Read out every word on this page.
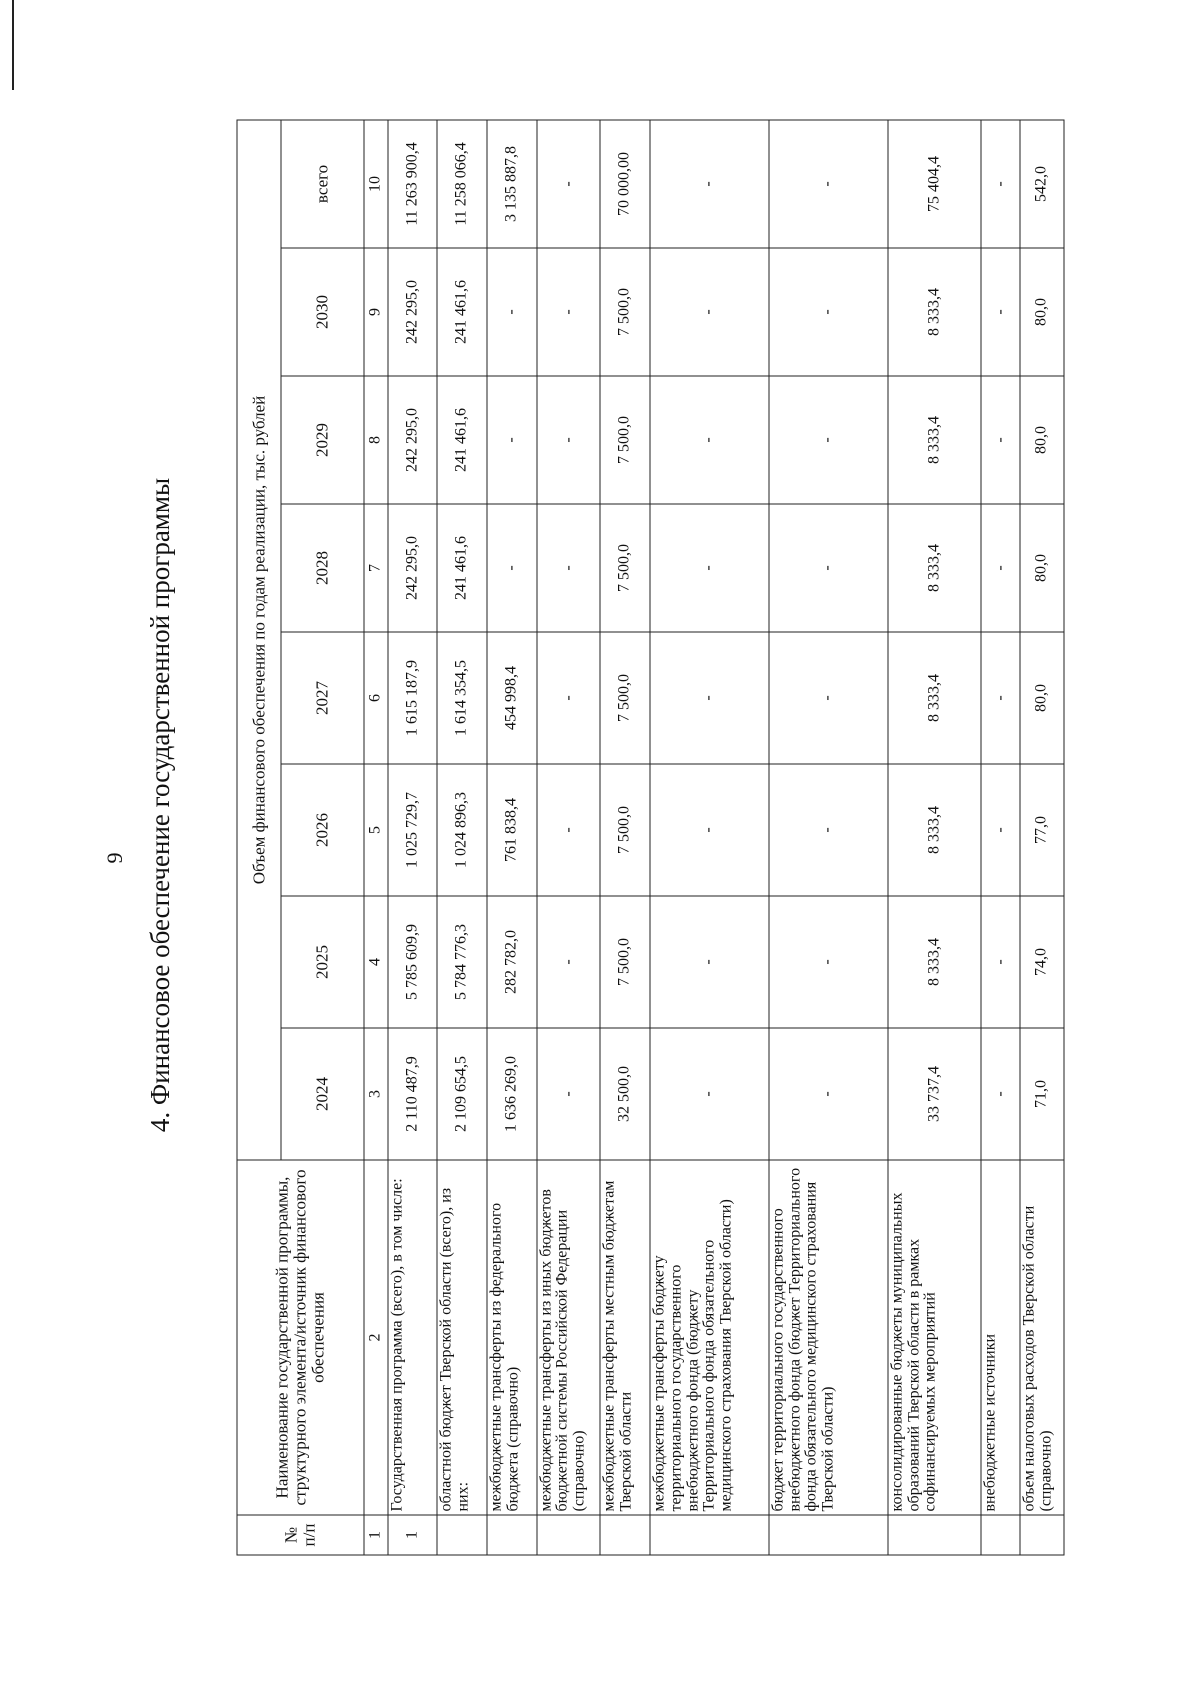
9 4. Финансовое обеспечение государственной программы
№ п/п	Наименование государственной программы, структурного элемента/источник финансового обеспечения	Объем финансового обеспечения по годам реализации, тыс. рублей							
		2024	2025	2026	2027	2028	2029	2030	всего
1	2	3	4	5	6	7	8	9	10
1	Государственная программа (всего), в том числе:	2 110 487,9	5 785 609,9	1 025 729,7	1 615 187,9	242 295,0	242 295,0	242 295,0	11 263 900,4
	областной бюджет Тверской области (всего), из них:	2 109 654,5	5 784 776,3	1 024 896,3	1 614 354,5	241 461,6	241 461,6	241 461,6	11 258 066,4
	межбюджетные трансферты из федерального бюджета (справочно)	1 636 269,0	282 782,0	761 838,4	454 998,4	-	-	-	3 135 887,8
	межбюджетные трансферты из иных бюджетов бюджетной системы Российской Федерации (справочно)	-	-	-	-	-	-	-	-
	межбюджетные трансферты местным бюджетам Тверской области	32 500,0	7 500,0	7 500,0	7 500,0	7 500,0	7 500,0	7 500,0	70 000,00
	межбюджетные трансферты бюджету территориального государственного внебюджетного фонда (бюджету Территориального фонда обязательного медицинского страхования Тверской области)	-	-	-	-	-	-	-	-
	бюджет территориального государственного внебюджетного фонда (бюджет Территориального фонда обязательного медицинского страхования Тверской области)	-	-	-	-	-	-	-	-
	консолидированные бюджеты муниципальных образований Тверской области в рамках софинансируемых мероприятий	33 737,4	8 333,4	8 333,4	8 333,4	8 333,4	8 333,4	8 333,4	75 404,4
	внебюджетные источники	-	-	-	-	-	-	-	-
	объем налоговых расходов Тверской области (справочно)	71,0	74,0	77,0	80,0	80,0	80,0	80,0	542,0
